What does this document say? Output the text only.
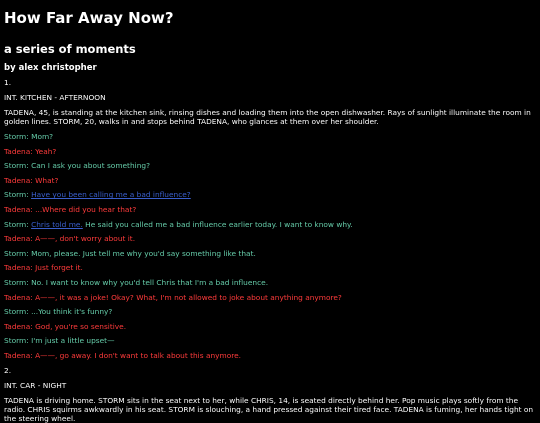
How Far Away Now?
a series of moments
by alex christopher

1.

INT. KITCHEN - AFTERNOON

TADENA, 45, is standing at the kitchen sink, rinsing dishes and loading them into the open dishwasher. Rays of sunlight illuminate the room in golden lines. STORM, 20, walks in and stops behind TADENA, who glances at them over her shoulder.

Storm: Mom?

Tadena: Yeah?

Storm: Can I ask you about something?

Tadena: What?

Storm: Have you been calling me a bad influence?

Tadena: ...Where did you hear that?

Storm: Chris told me. He said you called me a bad influence earlier today. I want to know why.

Tadena: A——, don't worry about it.

Storm: Mom, please. Just tell me why you'd say something like that.

Tadena: Just forget it.

Storm: No. I want to know why you'd tell Chris that I'm a bad influence.

Tadena: A——, it was a joke! Okay? What, I'm not allowed to joke about anything anymore?

Storm: ...You think it's funny?

Tadena: God, you're so sensitive.

Storm: I'm just a little upset—

Tadena: A——, go away. I don't want to talk about this anymore.

2.

INT. CAR - NIGHT

TADENA is driving home. STORM sits in the seat next to her, while CHRIS, 14, is seated directly behind her. Pop music plays softly from the radio. CHRIS squirms awkwardly in his seat. STORM is slouching, a hand pressed against their tired face. TADENA is fuming, her hands tight on the steering wheel.
